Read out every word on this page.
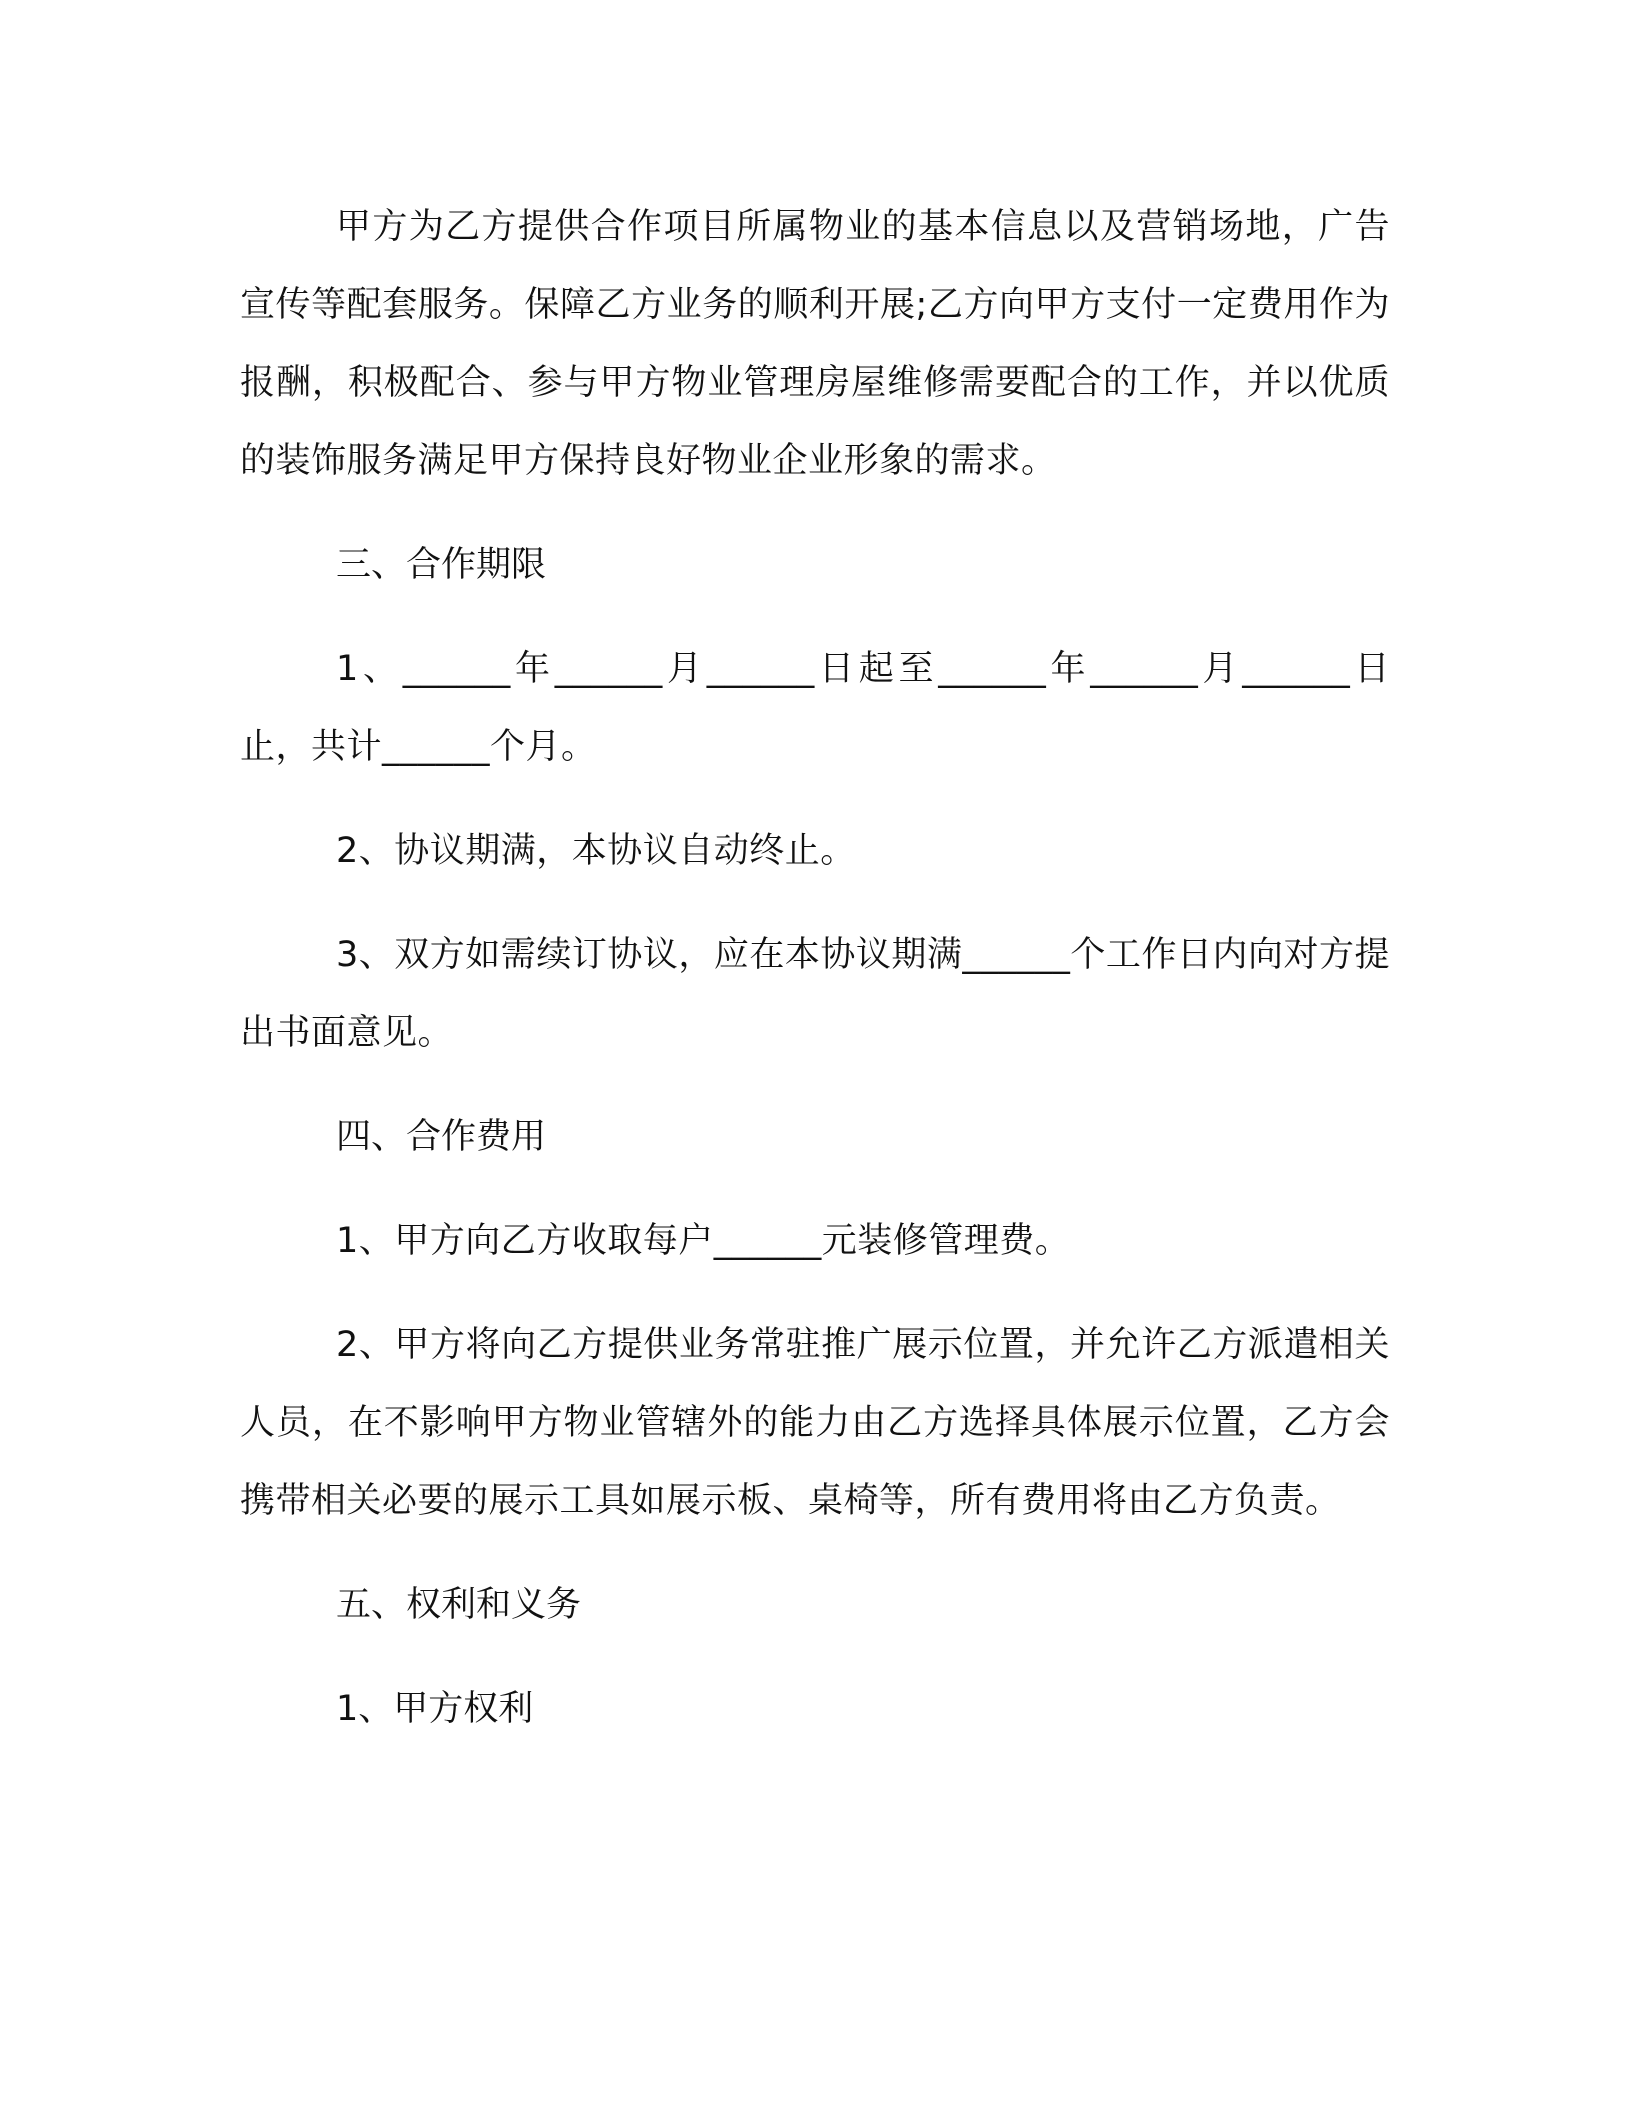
甲方为乙方提供合作项目所属物业的基本信息以及营销场地，广告宣传等配套服务。保障乙方业务的顺利开展;乙方向甲方支付一定费用作为报酬，积极配合、参与甲方物业管理房屋维修需要配合的工作，并以优质的装饰服务满足甲方保持良好物业企业形象的需求。

三、合作期限

1、______年______月______日起至______年______月______日止，共计______个月。

2、协议期满，本协议自动终止。

3、双方如需续订协议，应在本协议期满______个工作日内向对方提出书面意见。

四、合作费用

1、甲方向乙方收取每户______元装修管理费。

2、甲方将向乙方提供业务常驻推广展示位置，并允许乙方派遣相关人员，在不影响甲方物业管辖外的能力由乙方选择具体展示位置，乙方会携带相关必要的展示工具如展示板、桌椅等，所有费用将由乙方负责。

五、权利和义务

1、甲方权利
